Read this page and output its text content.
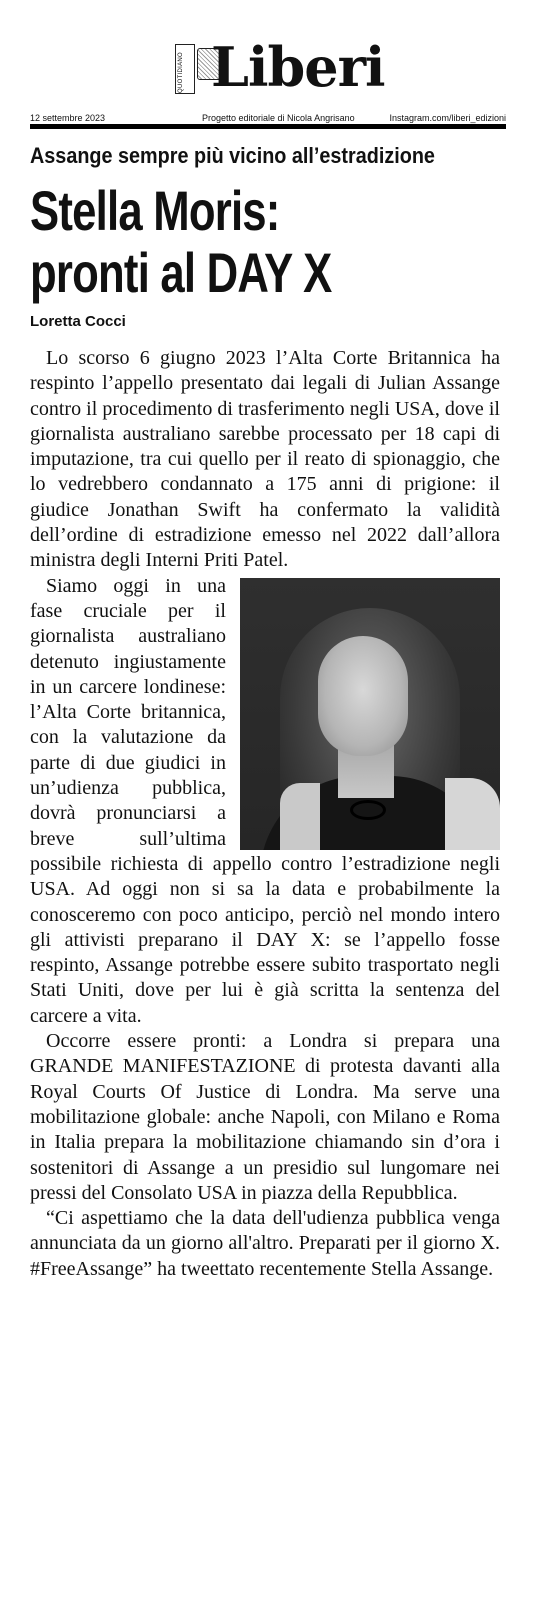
QUOTIDIANO Liberi
12 settembre 2023	Progetto editoriale di Nicola Angrisano	Instagram.com/liberi_edizioni
Assange sempre più vicino all’estradizione
Stella Moris:
pronti al DAY X
Loretta Cocci

Lo scorso 6 giugno 2023 l’Alta Corte Britannica ha respinto l’appello presentato dai legali di Julian Assange contro il procedimento di trasferimento negli USA, dove il giornalista australiano sarebbe processato per 18 capi di imputazione, tra cui quello per il reato di spionaggio, che lo vedrebbero condannato a 175 anni di prigione: il giudice Jonathan Swift ha confermato la validità dell’ordine di estradizione emesso nel 2022 dall’allora ministra degli Interni Priti Patel.

Siamo oggi in una fase cruciale per il giornalista australiano detenuto ingiustamente in un carcere londinese: l’Alta Corte britannica, con la valutazione da parte di due giudici in un’udienza pubblica, dovrà pronunciarsi a breve sull’ultima possibile richiesta di appello contro l’estradizione negli USA. Ad oggi non si sa la data e probabilmente la conosceremo con poco anticipo, perciò nel mondo intero gli attivisti preparano il DAY X: se l’appello fosse respinto, Assange potrebbe essere subito trasportato negli Stati Uniti, dove per lui è già scritta la sentenza del carcere a vita.

Occorre essere pronti: a Londra si prepara una GRANDE MANIFESTAZIONE di protesta davanti alla Royal Courts Of Justice di Londra. Ma serve una mobilitazione globale: anche Napoli, con Milano e Roma in Italia prepara la mobilitazione chiamando sin d’ora i sostenitori di Assange a un presidio sul lungomare nei pressi del Consolato USA in piazza della Repubblica.

“Ci aspettiamo che la data dell'udienza pubblica venga annunciata da un giorno all'altro. Preparati per il giorno X. #FreeAssange” ha tweettato recentemente Stella Assange.
